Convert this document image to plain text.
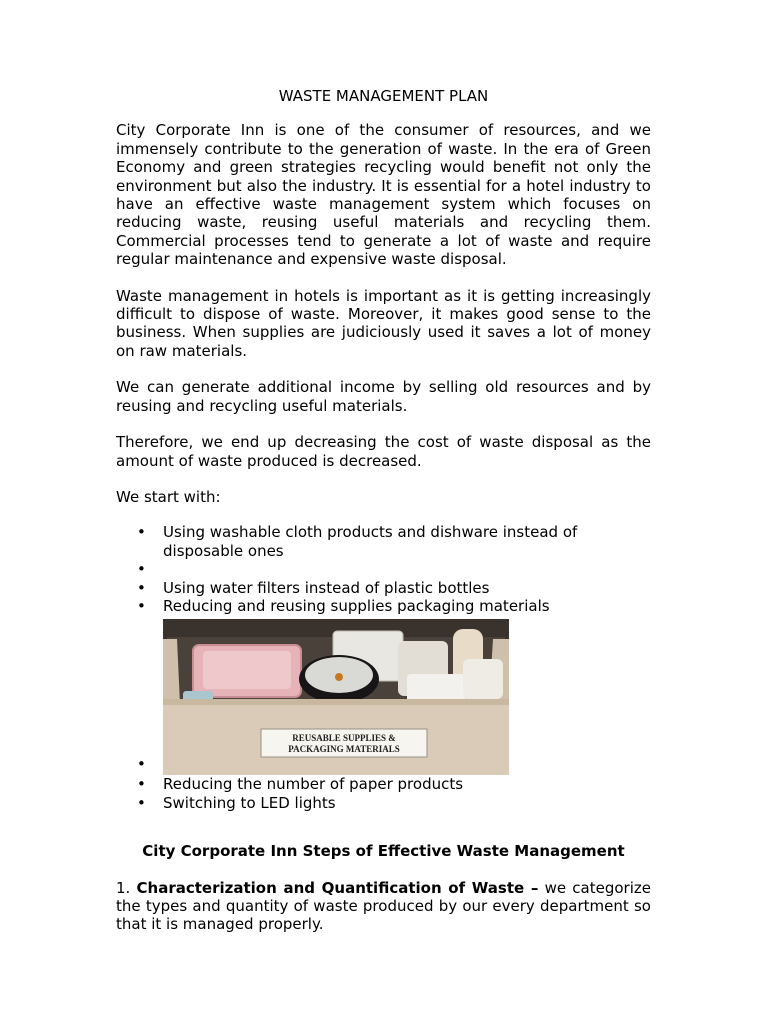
WASTE MANAGEMENT PLAN

City Corporate Inn is one of the consumer of resources, and we immensely contribute to the generation of waste. In the era of Green Economy and green strategies recycling would benefit not only the environment but also the industry. It is essential for a hotel industry to have an effective waste management system which focuses on reducing waste, reusing useful materials and recycling them. Commercial processes tend to generate a lot of waste and require regular maintenance and expensive waste disposal.

Waste management in hotels is important as it is getting increasingly difficult to dispose of waste. Moreover, it makes good sense to the business. When supplies are judiciously used it saves a lot of money on raw materials.

We can generate additional income by selling old resources and by reusing and recycling useful materials.

Therefore, we end up decreasing the cost of waste disposal as the amount of waste produced is decreased.

We start with:

• Using washable cloth products and dishware instead of disposable ones
•
• Using water filters instead of plastic bottles
• Reducing and reusing supplies packaging materials
• REUSABLE SUPPLIES &
PACKAGING MATERIALS
• Reducing the number of paper products
• Switching to LED lights
City Corporate Inn Steps of Effective Waste Management

1. Characterization and Quantification of Waste – we categorize the types and quantity of waste produced by our every department so that it is managed properly.
